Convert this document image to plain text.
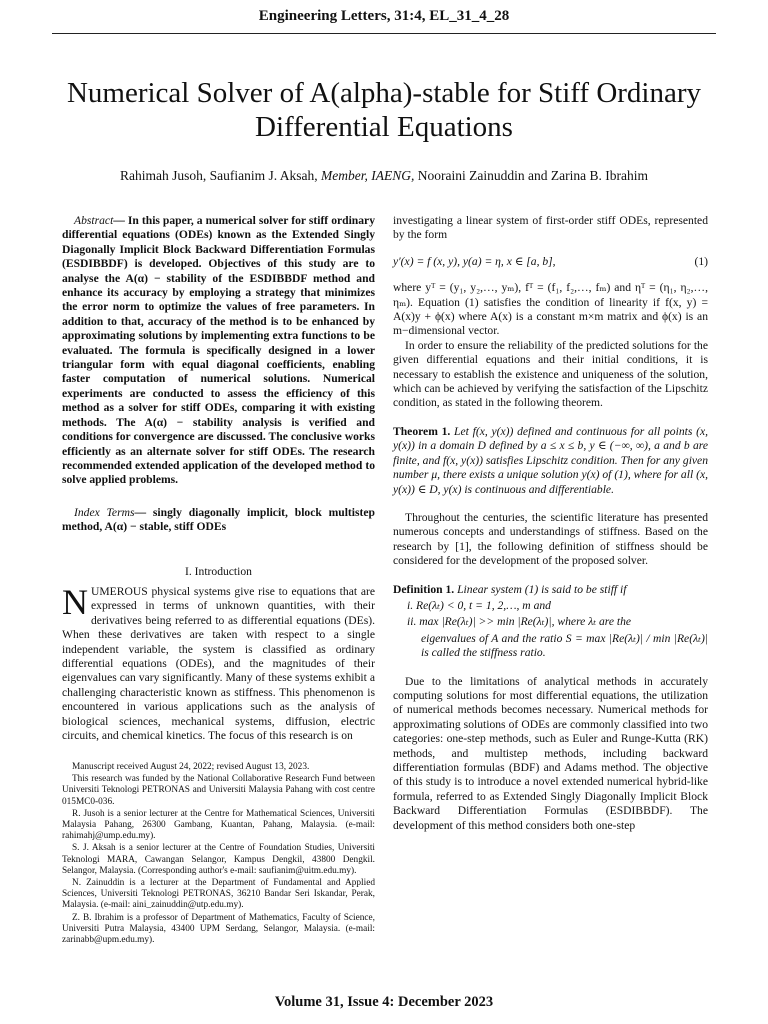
Engineering Letters, 31:4, EL_31_4_28
Numerical Solver of A(alpha)-stable for Stiff Ordinary Differential Equations
Rahimah Jusoh, Saufianim J. Aksah, Member, IAENG, Nooraini Zainuddin and Zarina B. Ibrahim

Abstract— In this paper, a numerical solver for stiff ordinary differential equations (ODEs) known as the Extended Singly Diagonally Implicit Block Backward Differentiation Formulas (ESDIBBDF) is developed. Objectives of this study are to analyse the A(α) − stability of the ESDIBBDF method and enhance its accuracy by employing a strategy that minimizes the error norm to optimize the values of free parameters. In addition to that, accuracy of the method is to be enhanced by approximating solutions by implementing extra functions to be evaluated. The formula is specifically designed in a lower triangular form with equal diagonal coefficients, enabling faster computation of numerical solutions. Numerical experiments are conducted to assess the efficiency of this method as a solver for stiff ODEs, comparing it with existing methods. The A(α) − stability analysis is verified and conditions for convergence are discussed. The conclusive works efficiently as an alternate solver for stiff ODEs. The research recommended extended application of the developed method to solve applied problems.

Index Terms— singly diagonally implicit, block multistep method, A(α) − stable, stiff ODEs

I. Introduction

NUMEROUS physical systems give rise to equations that are expressed in terms of unknown quantities, with their derivatives being referred to as differential equations (DEs). When these derivatives are taken with respect to a single independent variable, the system is classified as ordinary differential equations (ODEs), and the magnitudes of their eigenvalues can vary significantly. Many of these systems exhibit a challenging characteristic known as stiffness. This phenomenon is encountered in various applications such as the analysis of biological sciences, mechanical systems, diffusion, electric circuits, and chemical kinetics. The focus of this research is on

Manuscript received August 24, 2022; revised August 13, 2023.

This research was funded by the National Collaborative Research Fund between Universiti Teknologi PETRONAS and Universiti Malaysia Pahang with cost centre 015MC0-036.

R. Jusoh is a senior lecturer at the Centre for Mathematical Sciences, Universiti Malaysia Pahang, 26300 Gambang, Kuantan, Pahang, Malaysia. (e-mail: rahimahj@ump.edu.my).

S. J. Aksah is a senior lecturer at the Centre of Foundation Studies, Universiti Teknologi MARA, Cawangan Selangor, Kampus Dengkil, 43800 Dengkil. Selangor, Malaysia. (Corresponding author's e-mail: saufianim@uitm.edu.my).

N. Zainuddin is a lecturer at the Department of Fundamental and Applied Sciences, Universiti Teknologi PETRONAS, 36210 Bandar Seri Iskandar, Perak, Malaysia. (e-mail: aini_zainuddin@utp.edu.my).

Z. B. Ibrahim is a professor of Department of Mathematics, Faculty of Science, Universiti Putra Malaysia, 43400 UPM Serdang, Selangor, Malaysia. (e-mail: zarinabb@upm.edu.my).

investigating a linear system of first-order stiff ODEs, represented by the form

y′(x) = f (x, y), y(a) = η, x ∈ [a, b],	(1)

where yᵀ = (y₁, y₂,…, yₘ), fᵀ = (f₁, f₂,…, fₘ) and ηᵀ = (η₁, η₂,…, ηₘ). Equation (1) satisfies the condition of linearity if f(x, y) = A(x)y + ϕ(x) where A(x) is a constant m×m matrix and ϕ(x) is an m−dimensional vector.

In order to ensure the reliability of the predicted solutions for the given differential equations and their initial conditions, it is necessary to establish the existence and uniqueness of the solution, which can be achieved by verifying the satisfaction of the Lipschitz condition, as stated in the following theorem.

Theorem 1. Let f(x, y(x)) defined and continuous for all points (x, y(x)) in a domain D defined by a ≤ x ≤ b, y ∈ (−∞, ∞), a and b are finite, and f(x, y(x)) satisfies Lipschitz condition. Then for any given number μ, there exists a unique solution y(x) of (1), where for all (x, y(x)) ∈ D, y(x) is continuous and differentiable.

Throughout the centuries, the scientific literature has presented numerous concepts and understandings of stiffness. Based on the research by [1], the following definition of stiffness should be considered for the development of the proposed solver.

Definition 1. Linear system (1) is said to be stiff if

i. Re(λₜ) < 0, t = 1, 2,…, m and

ii. max |Re(λₜ)| >> min |Re(λₜ)|, where λₜ are the

eigenvalues of A and the ratio S = max |Re(λₜ)| / min |Re(λₜ)| is called the stiffness ratio.

Due to the limitations of analytical methods in accurately computing solutions for most differential equations, the utilization of numerical methods becomes necessary. Numerical methods for approximating solutions of ODEs are commonly classified into two categories: one-step methods, such as Euler and Runge-Kutta (RK) methods, and multistep methods, including backward differentiation formulas (BDF) and Adams method. The objective of this study is to introduce a novel extended numerical hybrid-like formula, referred to as Extended Singly Diagonally Implicit Block Backward Differentiation Formulas (ESDIBBDF). The development of this method considers both one-step

Volume 31, Issue 4: December 2023
